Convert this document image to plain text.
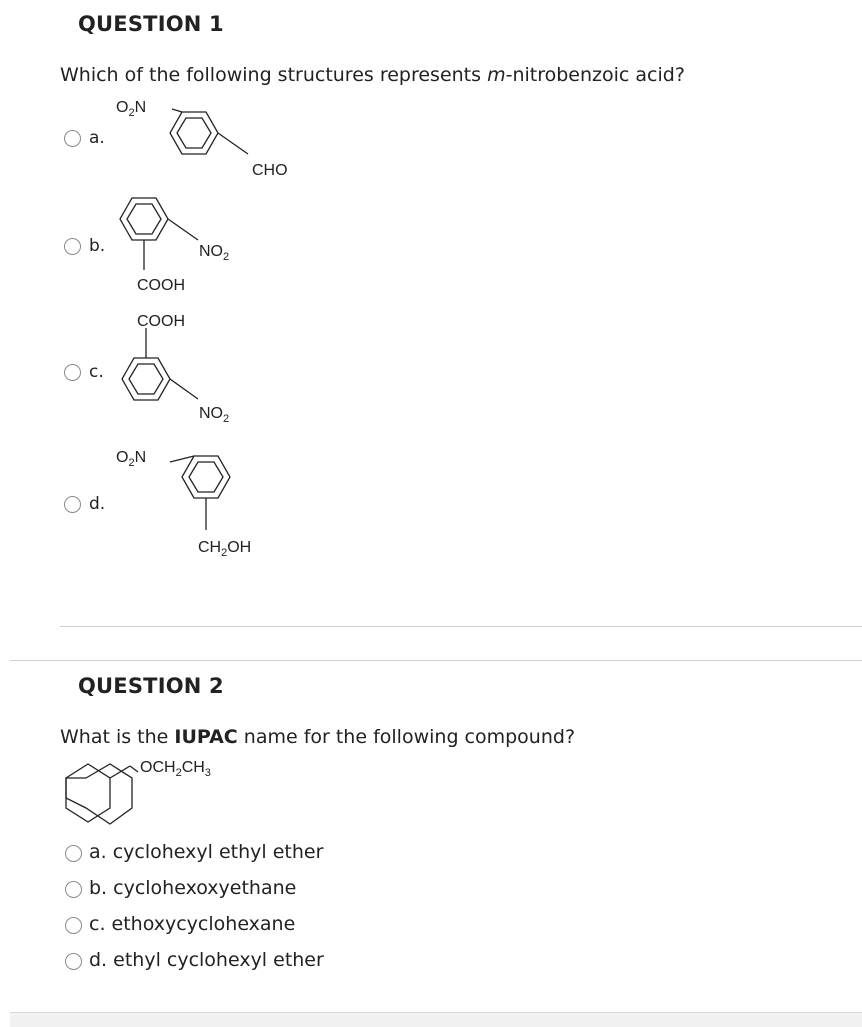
QUESTION 1
Which of the following structures represents m-nitrobenzoic acid?
a.
$O_2N$
CHO
b.	$NO_2$
COOH
c.
COOH
$NO_2$
d.
$O_2N$
$CH_2OH$
QUESTION 2
What is the IUPAC name for the following compound?
$OCH_2CH_3$
a. cyclohexyl ethyl ether
b. cyclohexoxyethane
c. ethoxycyclohexane
d. ethyl cyclohexyl ether
